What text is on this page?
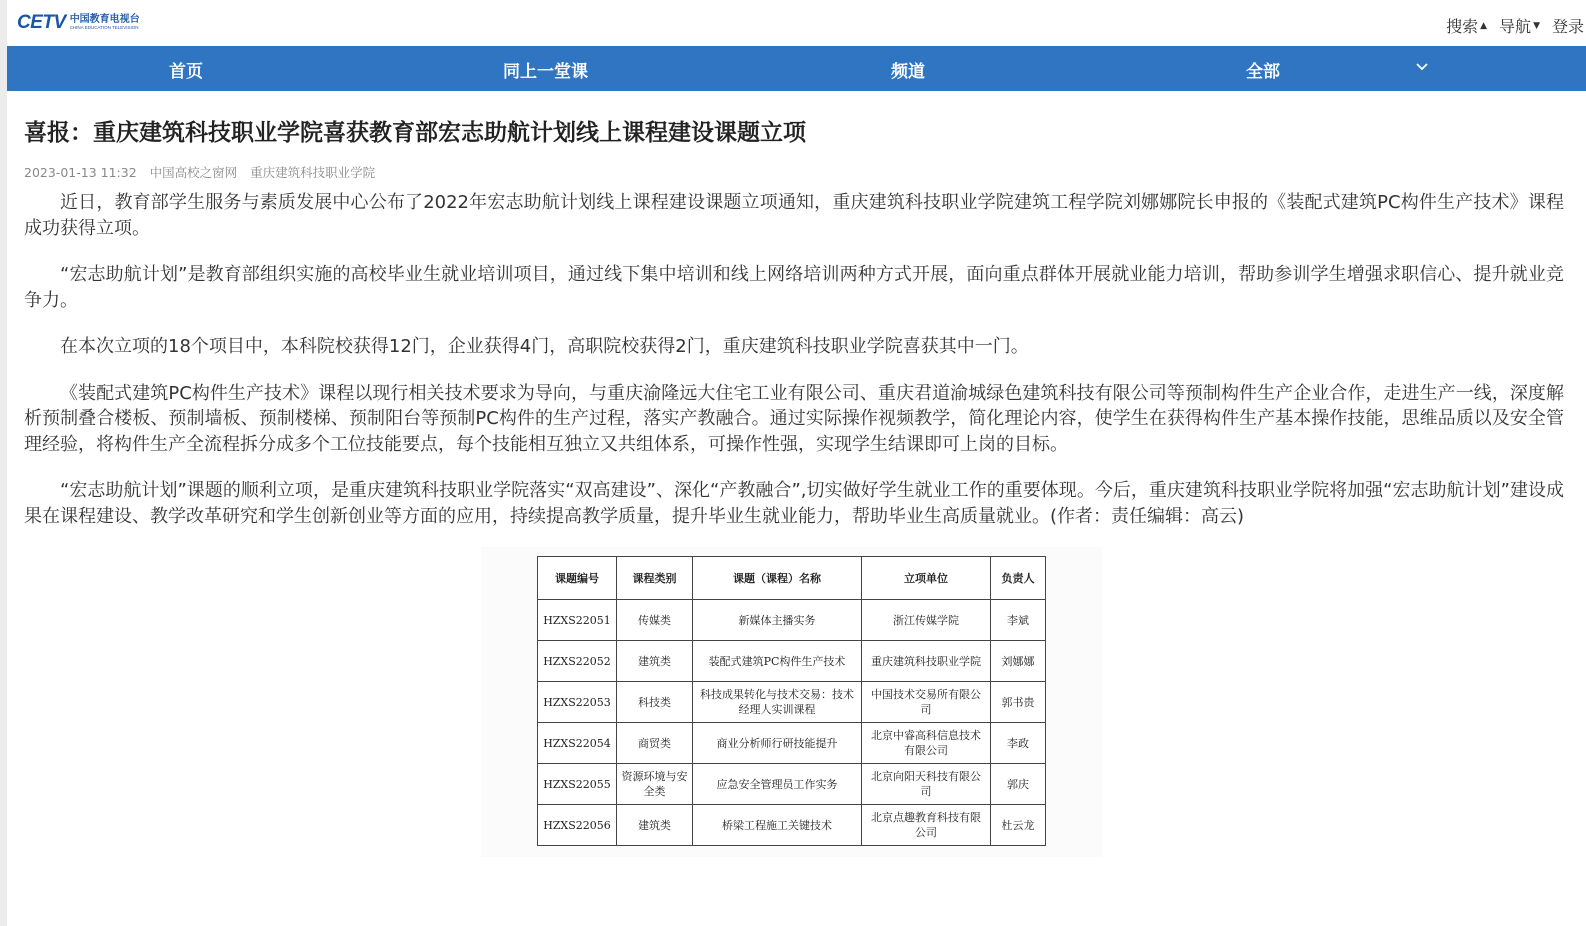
CETV 中国教育电视台
CHINA EDUCATION TELEVISION	搜索 ▲ 导航 ▼ 登录
首页	同上一堂课	频道	全部
喜报：重庆建筑科技职业学院喜获教育部宏志助航计划线上课程建设课题立项
2023-01-13 11:32 中国高校之窗网 重庆建筑科技职业学院

近日，教育部学生服务与素质发展中心公布了2022年宏志助航计划线上课程建设课题立项通知，重庆建筑科技职业学院建筑工程学院刘娜娜院长申报的《装配式建筑PC构件生产技术》课程成功获得立项。

“宏志助航计划”是教育部组织实施的高校毕业生就业培训项目，通过线下集中培训和线上网络培训两种方式开展，面向重点群体开展就业能力培训，帮助参训学生增强求职信心、提升就业竞争力。

在本次立项的18个项目中，本科院校获得12门，企业获得4门，高职院校获得2门，重庆建筑科技职业学院喜获其中一门。

《装配式建筑PC构件生产技术》课程以现行相关技术要求为导向，与重庆渝隆远大住宅工业有限公司、重庆君道渝城绿色建筑科技有限公司等预制构件生产企业合作，走进生产一线，深度解析预制叠合楼板、预制墙板、预制楼梯、预制阳台等预制PC构件的生产过程，落实产教融合。通过实际操作视频教学，简化理论内容，使学生在获得构件生产基本操作技能，思维品质以及安全管理经验，将构件生产全流程拆分成多个工位技能要点，每个技能相互独立又共组体系，可操作性强，实现学生结课即可上岗的目标。

“宏志助航计划”课题的顺利立项，是重庆建筑科技职业学院落实“双高建设”、深化“产教融合”,切实做好学生就业工作的重要体现。今后，重庆建筑科技职业学院将加强“宏志助航计划”建设成果在课程建设、教学改革研究和学生创新创业等方面的应用，持续提高教学质量，提升毕业生就业能力，帮助毕业生高质量就业。(作者：责任编辑：高云)

课题编号	课程类别	课题（课程）名称	立项单位	负责人
HZXS22051	传媒类	新媒体主播实务	浙江传媒学院	李斌
HZXS22052	建筑类	装配式建筑PC构件生产技术	重庆建筑科技职业学院	刘娜娜
HZXS22053	科技类	科技成果转化与技术交易：技术经理人实训课程	中国技术交易所有限公司	郭书贵
HZXS22054	商贸类	商业分析师行研技能提升	北京中睿高科信息技术有限公司	李政
HZXS22055	资源环境与安全类	应急安全管理员工作实务	北京向阳天科技有限公司	郭庆
HZXS22056	建筑类	桥梁工程施工关键技术	北京点趣教育科技有限公司	杜云龙
